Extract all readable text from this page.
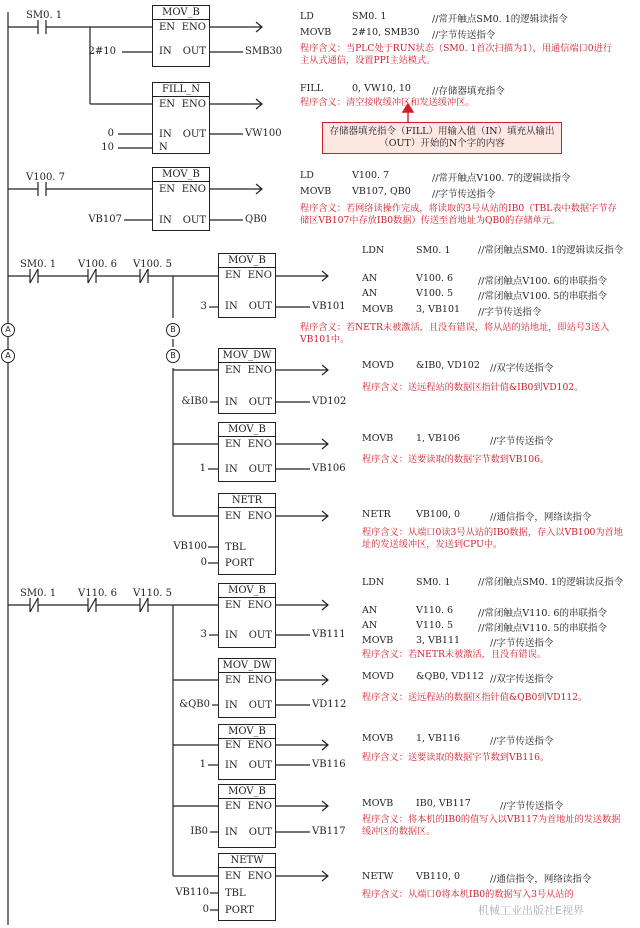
SM0. 1
V100. 7
SM0. 1 V100. 6 V100. 5
SM0. 1 V110. 6 V110. 5
A
A
B
B
MOV_B
EN ENO
IN OUT
2#10	SMB30
FILL_N
EN ENO
IN OUT
N
0
10
VW100
MOV_B
EN ENO
IN OUT
VB107	QB0
MOV_B
EN ENO
IN OUT
3	VB101
MOV_DW
EN ENO
IN OUT
&IB0	VD102
MOV_B
EN ENO
IN OUT
1	VB106
NETR
EN ENO
TBL
PORT
VB100
0
MOV_B
EN ENO
IN OUT
3	VB111
MOV_DW
EN ENO
IN OUT
&QB0	VD112
MOV_B
EN ENO
IN OUT
1	VB116
MOV_B
EN ENO
IN OUT
IB0	VB117
NETW
EN ENO
TBL
PORT
VB110
0
LD	SM0. 1	//常开触点SM0. 1的逻辑读指令
MOVB 2#10, SMB30 //字节传送指令
程序含义：当PLC处于RUN状态（SM0. 1首次扫描为1），用通信端口0进行主从式通信，设置PPI主站模式。
FILL	0, VW10, 10 //存储器填充指令
程序含义：清空接收缓冲区和发送缓冲区。
存储器填充指令（FILL）用输入值（IN）填充从输出（OUT）开始的N个字的内容
LD	V100. 7	//常开触点V100. 7的逻辑读指令
MOVB VB107, QB0 //字节传送指令
程序含义：若网络读操作完成，将读取的3号从站的IB0（TBL表中数据字节存储区VB107中存放IB0数据）传送至首地址为QB0的存储单元。
LDN	SM0. 1	//常闭触点SM0. 1的逻辑读反指令
AN	V100. 6	//常闭触点V100. 6的串联指令
AN	V100. 5	//常闭触点V100. 5的串联指令
MOVB 3, VB101 //字节传送指令
程序含义：若NETR未被激活，且没有错误，将从站的站地址，即站号3送入VB101中。
MOVD &IB0, VD102 //双字传送指令
程序含义：送远程站的数据区指针值&IB0到VD102。
MOVB 1, VB106	//字节传送指令
程序含义：送要读取的数据字节数到VB106。
NETR	VB100, 0	//通信指令，网络读指令
程序含义：从端口0读3号从站的IB0数据，存入以VB100为首地址的发送缓冲区，发送到CPU中。
LDN	SM0. 1	//常闭触点SM0. 1的逻辑读反指令
AN	V110. 6	//常闭触点V110. 6的串联指令
AN	V110. 5	//常闭触点V110. 5的串联指令
MOVB 3, VB111	//字节传送指令
程序含义：若NETR未被激活，且没有错误。
MOVD &QB0, VD112 //双字传送指令
程序含义：送远程站的数据区指针值&QB0到VD112。
MOVB 1, VB116	//字节传送指令
程序含义：送要读取的数据字节数到VB116。
MOVB IB0, VB117	//字节传送指令
程序含义：将本机的IB0的值写入以VB117为首地址的发送数据缓冲区的数据区。
NETW VB110, 0	//通信指令，网络读指令
程序含义：从端口0将本机IB0的数据写入3号从站的
机械工业出版社E视界
